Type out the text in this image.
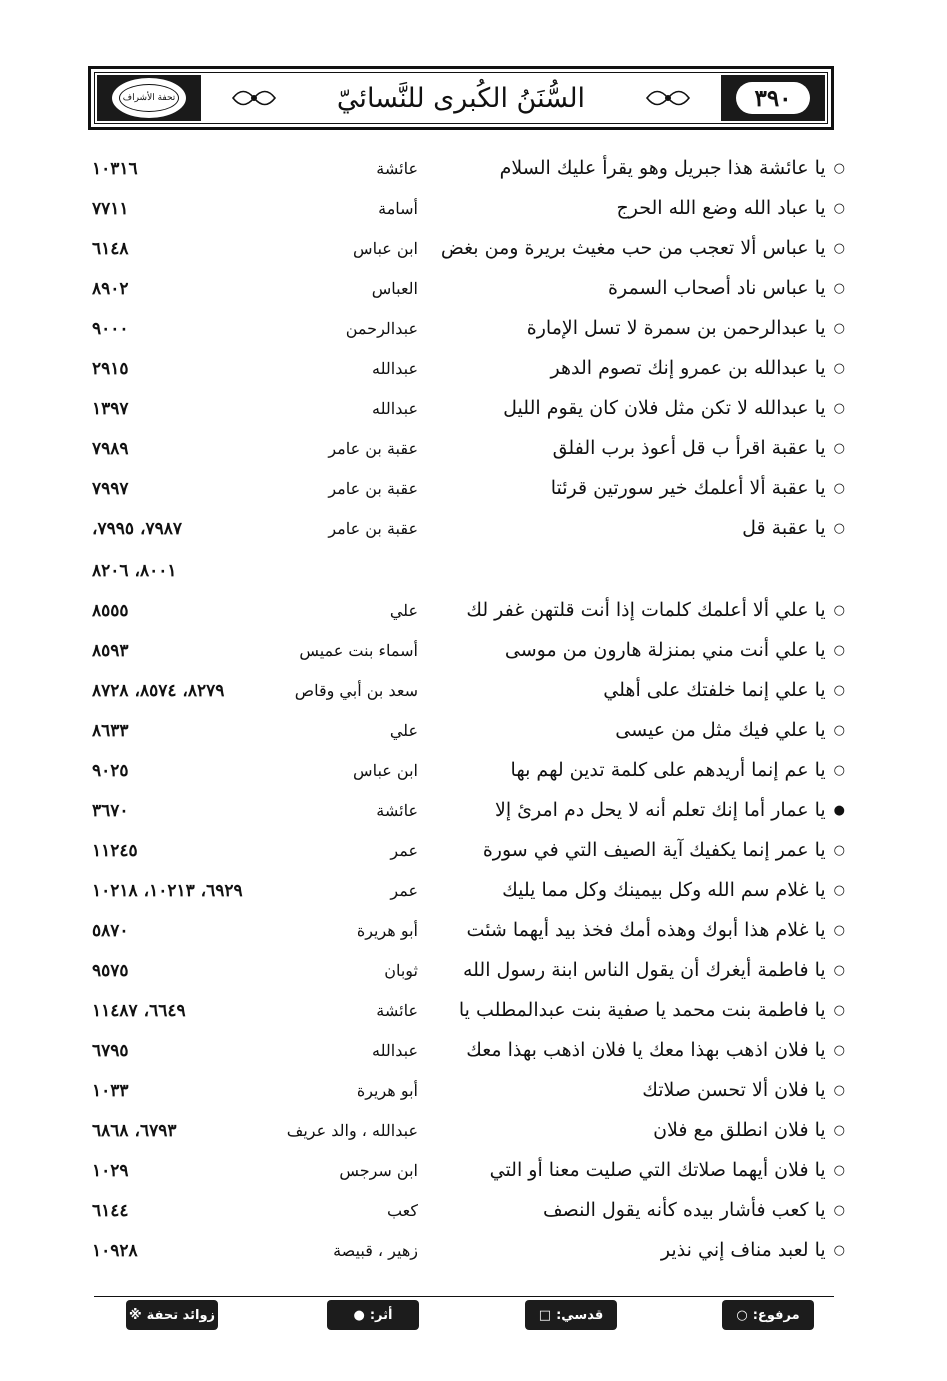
٣٩٠
السُّنَنُ الكُبرى للنَّسائيّ
تحفة الأشراف
○يا عائشة هذا جبريل وهو يقرأ عليك السلام
عائشة
١٠٣١٦
○يا عباد الله وضع الله الحرج
أسامة
٧٧١١
○يا عباس ألا تعجب من حب مغيث بريرة ومن بغض
ابن عباس
٦١٤٨
○يا عباس ناد أصحاب السمرة
العباس
٨٩٠٢
○يا عبدالرحمن بن سمرة لا تسل الإمارة
عبدالرحمن
٩٠٠٠
○يا عبدالله بن عمرو إنك تصوم الدهر
عبدالله
٢٩١٥
○يا عبدالله لا تكن مثل فلان كان يقوم الليل
عبدالله
١٣٩٧
○يا عقبة اقرأ ب قل أعوذ برب الفلق
عقبة بن عامر
٧٩٨٩
○يا عقبة ألا أعلمك خير سورتين قرئتا
عقبة بن عامر
٧٩٩٧
○يا عقبة قل
عقبة بن عامر
٧٩٨٧، ٧٩٩٥،
٨٠٠١، ٨٢٠٦
○يا علي ألا أعلمك كلمات إذا أنت قلتهن غفر لك
علي
٨٥٥٥
○يا علي أنت مني بمنزلة هارون من موسى
أسماء بنت عميس
٨٥٩٣
○يا علي إنما خلفتك على أهلي
سعد بن أبي وقاص
٨٢٧٩، ٨٥٧٤، ٨٧٢٨
○يا علي فيك مثل من عيسى
علي
٨٦٣٣
○يا عم إنما أريدهم على كلمة تدين لهم بها
ابن عباس
٩٠٢٥
●يا عمار أما إنك تعلم أنه لا يحل دم امرئ إلا
عائشة
٣٦٧٠
○يا عمر إنما يكفيك آية الصيف التي في سورة
عمر
١١٢٤٥
○يا غلام سم الله وكل بيمينك وكل مما يليك
عمر
٦٩٢٩، ١٠٢١٣، ١٠٢١٨
○يا غلام هذا أبوك وهذه أمك فخذ بيد أيهما شئت
أبو هريرة
٥٨٧٠
○يا فاطمة أيغرك أن يقول الناس ابنة رسول الله
ثوبان
٩٥٧٥
○يا فاطمة بنت محمد يا صفية بنت عبدالمطلب يا
عائشة
٦٦٤٩، ١١٤٨٧
○يا فلان اذهب بهذا معك يا فلان اذهب بهذا معك
عبدالله
٦٧٩٥
○يا فلان ألا تحسن صلاتك
أبو هريرة
١٠٣٣
○يا فلان انطلق مع فلان
عبدالله ، والد عريف
٦٧٩٣، ٦٨٦٨
○يا فلان أيهما صلاتك التي صليت معنا أو التي
ابن سرجس
١٠٢٩
○يا كعب فأشار بيده كأنه يقول النصف
كعب
٦١٤٤
○يا لعبد مناف إني نذير
زهير ، قبيصة
١٠٩٢٨
مرفوع:
○
قدسي:
□
أثر:
●
زوائد تحفة
※
